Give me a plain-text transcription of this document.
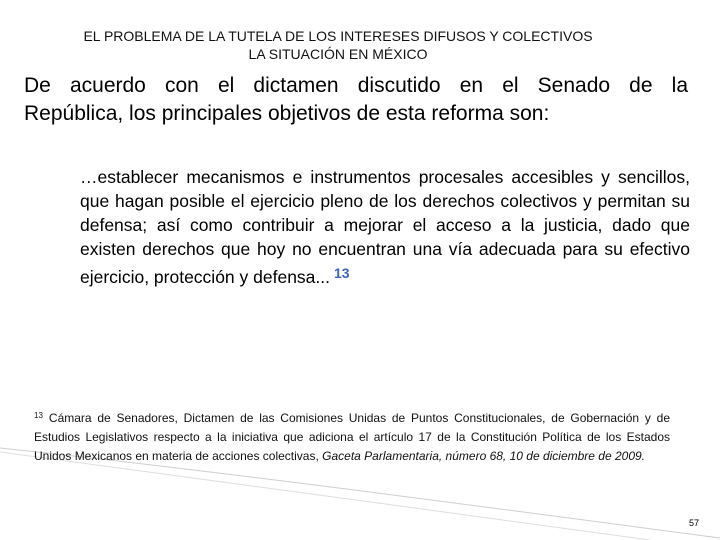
EL PROBLEMA DE LA TUTELA DE LOS INTERESES DIFUSOS Y COLECTIVOS
LA SITUACIÓN EN MÉXICO
De acuerdo con el dictamen discutido en el Senado de la
República, los principales objetivos de esta reforma son:
…establecer mecanismos e instrumentos procesales accesibles y sencillos, que hagan posible el ejercicio pleno de los derechos colectivos y permitan su defensa; así como contribuir a mejorar el acceso a la justicia, dado que existen derechos que hoy no encuentran una vía adecuada para su efectivo ejercicio, protección y defensa... $^{13}$
$^{13}$ Cámara de Senadores, Dictamen de las Comisiones Unidas de Puntos Constitucionales, de Gobernación y de Estudios Legislativos respecto a la iniciativa que adiciona el artículo 17 de la Constitución Política de los Estados Unidos Mexicanos en materia de acciones colectivas, Gaceta Parlamentaria, número 68, 10 de diciembre de 2009.
57
